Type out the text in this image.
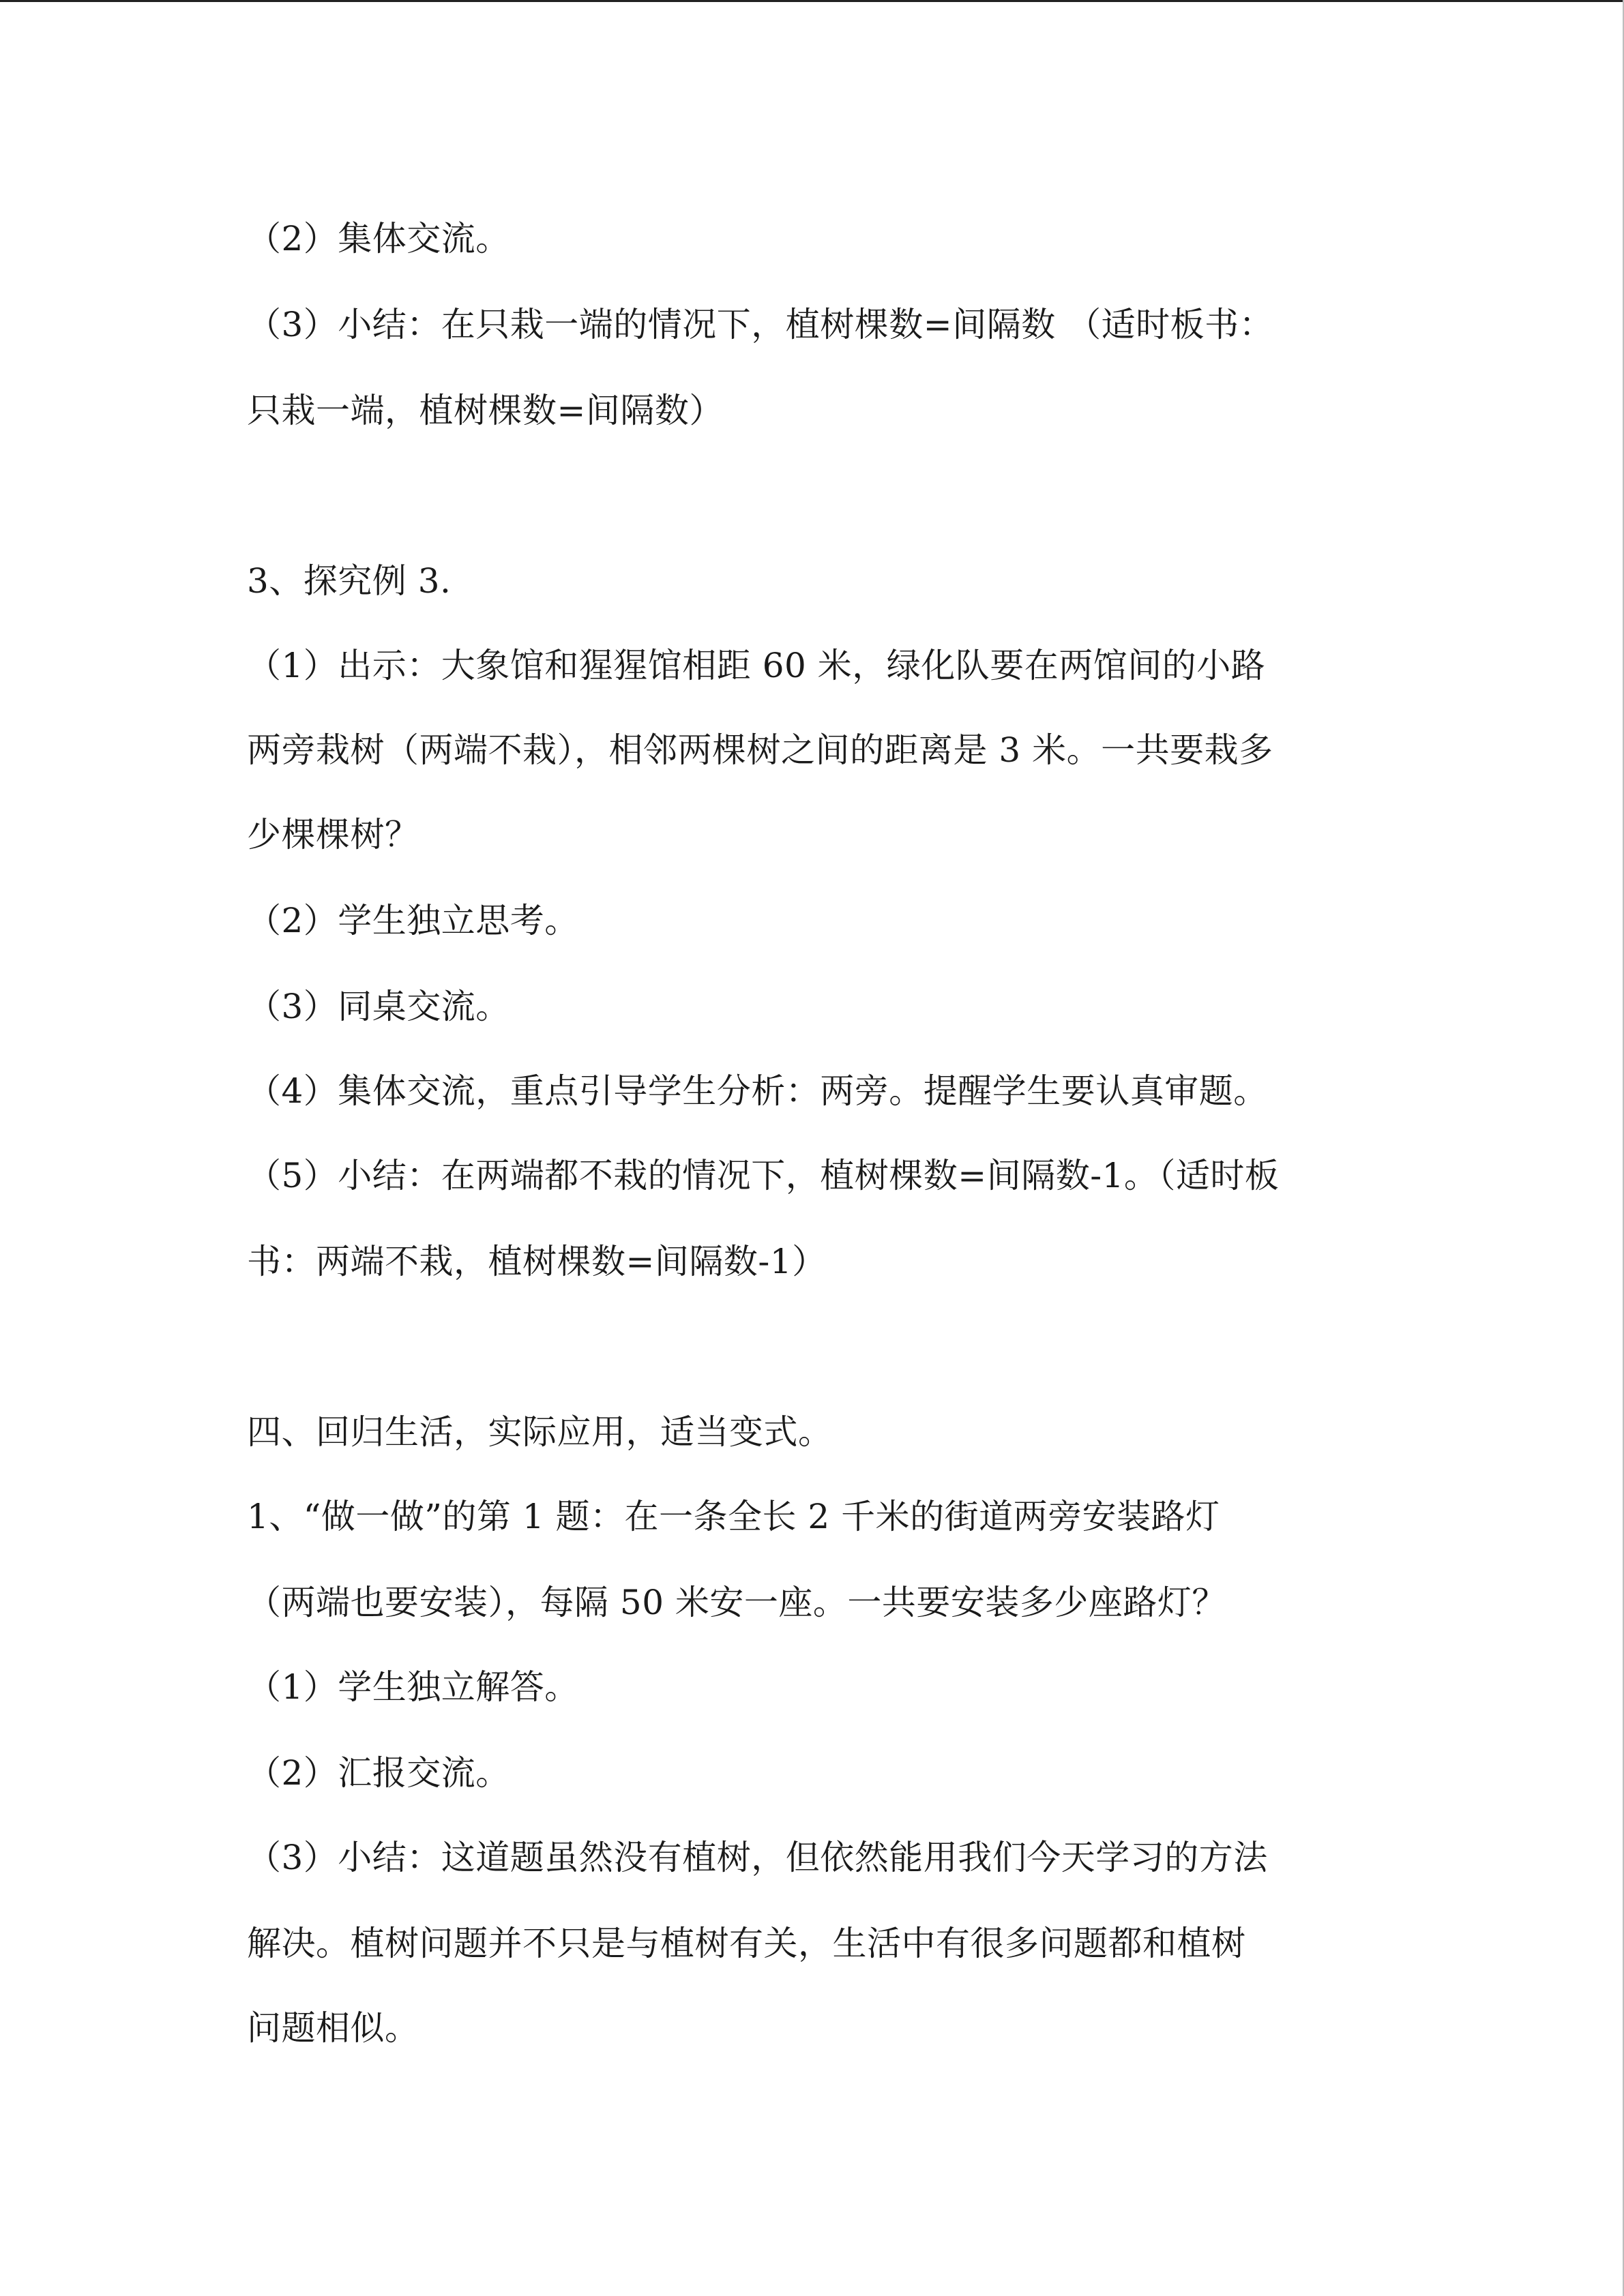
（2）集体交流。
（3）小结：在只栽一端的情况下，植树棵数=间隔数 （适时板书：
只栽一端，植树棵数=间隔数）
3、探究例 3.
（1）出示：大象馆和猩猩馆相距 60 米，绿化队要在两馆间的小路
两旁栽树（两端不栽），相邻两棵树之间的距离是 3 米。一共要栽多
少棵棵树？
（2）学生独立思考。
（3）同桌交流。
（4）集体交流，重点引导学生分析：两旁。提醒学生要认真审题。
（5）小结：在两端都不栽的情况下，植树棵数=间隔数-1。（适时板
书：两端不栽，植树棵数=间隔数-1）
四、回归生活，实际应用，适当变式。
1、“做一做”的第 1 题：在一条全长 2 千米的街道两旁安装路灯
（两端也要安装），每隔 50 米安一座。一共要安装多少座路灯？
（1）学生独立解答。
（2）汇报交流。
（3）小结：这道题虽然没有植树，但依然能用我们今天学习的方法
解决。植树问题并不只是与植树有关，生活中有很多问题都和植树
问题相似。
